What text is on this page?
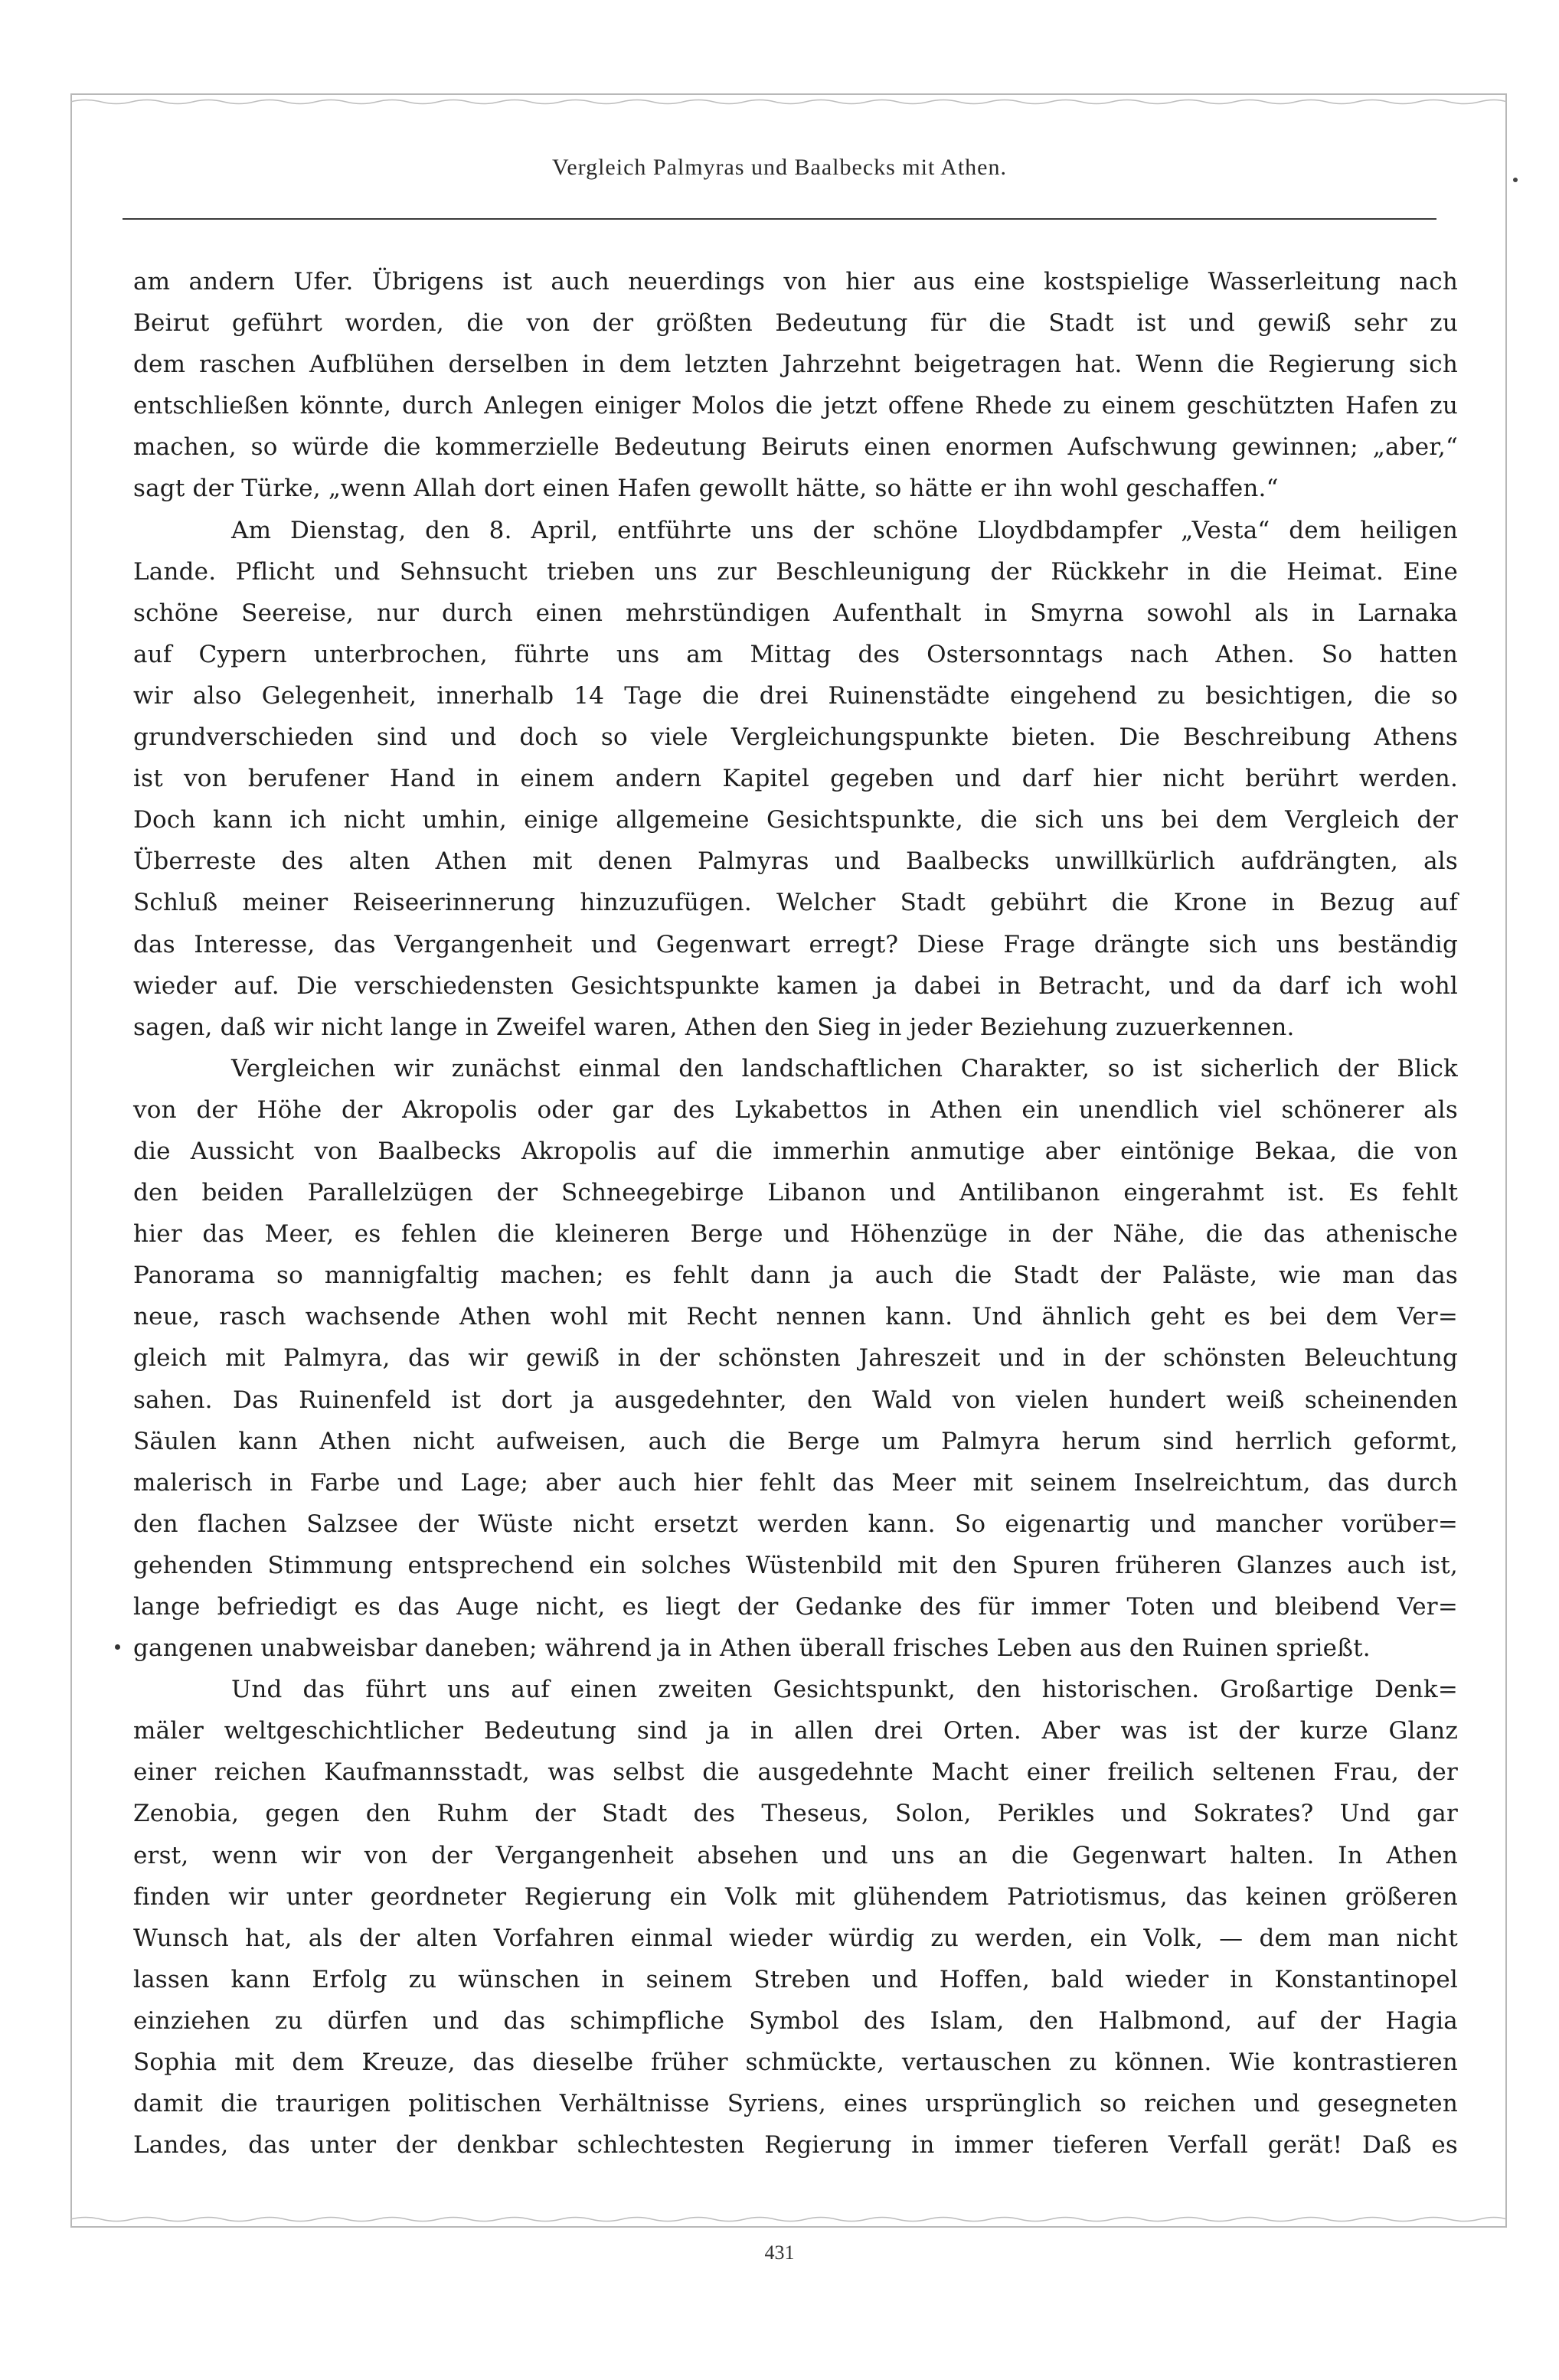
Vergleich Palmyras und Baalbecks mit Athen.
am andern Ufer. Übrigens ist auch neuerdings von hier aus eine kostspielige Wasserleitung nach
Beirut geführt worden, die von der größten Bedeutung für die Stadt ist und gewiß sehr zu
dem raschen Aufblühen derselben in dem letzten Jahrzehnt beigetragen hat. Wenn die Regierung sich
entschließen könnte, durch Anlegen einiger Molos die jetzt offene Rhede zu einem geschützten Hafen zu
machen, so würde die kommerzielle Bedeutung Beiruts einen enormen Aufschwung gewinnen; „aber,“
sagt der Türke, „wenn Allah dort einen Hafen gewollt hätte, so hätte er ihn wohl geschaffen.“
Am Dienstag, den 8. April, entführte uns der schöne Lloydbdampfer „Vesta“ dem heiligen
Lande. Pflicht und Sehnsucht trieben uns zur Beschleunigung der Rückkehr in die Heimat. Eine
schöne Seereise, nur durch einen mehrstündigen Aufenthalt in Smyrna sowohl als in Larnaka
auf Cypern unterbrochen, führte uns am Mittag des Ostersonntags nach Athen. So hatten
wir also Gelegenheit, innerhalb 14 Tage die drei Ruinenstädte eingehend zu besichtigen, die so
grundverschieden sind und doch so viele Vergleichungspunkte bieten. Die Beschreibung Athens
ist von berufener Hand in einem andern Kapitel gegeben und darf hier nicht berührt werden.
Doch kann ich nicht umhin, einige allgemeine Gesichtspunkte, die sich uns bei dem Vergleich der
Überreste des alten Athen mit denen Palmyras und Baalbecks unwillkürlich aufdrängten, als
Schluß meiner Reiseerinnerung hinzuzufügen. Welcher Stadt gebührt die Krone in Bezug auf
das Interesse, das Vergangenheit und Gegenwart erregt? Diese Frage drängte sich uns beständig
wieder auf. Die verschiedensten Gesichtspunkte kamen ja dabei in Betracht, und da darf ich wohl
sagen, daß wir nicht lange in Zweifel waren, Athen den Sieg in jeder Beziehung zuzuerkennen.
Vergleichen wir zunächst einmal den landschaftlichen Charakter, so ist sicherlich der Blick
von der Höhe der Akropolis oder gar des Lykabettos in Athen ein unendlich viel schönerer als
die Aussicht von Baalbecks Akropolis auf die immerhin anmutige aber eintönige Bekaa, die von
den beiden Parallelzügen der Schneegebirge Libanon und Antilibanon eingerahmt ist. Es fehlt
hier das Meer, es fehlen die kleineren Berge und Höhenzüge in der Nähe, die das athenische
Panorama so mannigfaltig machen; es fehlt dann ja auch die Stadt der Paläste, wie man das
neue, rasch wachsende Athen wohl mit Recht nennen kann. Und ähnlich geht es bei dem Ver=
gleich mit Palmyra, das wir gewiß in der schönsten Jahreszeit und in der schönsten Beleuchtung
sahen. Das Ruinenfeld ist dort ja ausgedehnter, den Wald von vielen hundert weiß scheinenden
Säulen kann Athen nicht aufweisen, auch die Berge um Palmyra herum sind herrlich geformt,
malerisch in Farbe und Lage; aber auch hier fehlt das Meer mit seinem Inselreichtum, das durch
den flachen Salzsee der Wüste nicht ersetzt werden kann. So eigenartig und mancher vorüber=
gehenden Stimmung entsprechend ein solches Wüstenbild mit den Spuren früheren Glanzes auch ist,
lange befriedigt es das Auge nicht, es liegt der Gedanke des für immer Toten und bleibend Ver=
gangenen unabweisbar daneben; während ja in Athen überall frisches Leben aus den Ruinen sprießt.
Und das führt uns auf einen zweiten Gesichtspunkt, den historischen. Großartige Denk=
mäler weltgeschichtlicher Bedeutung sind ja in allen drei Orten. Aber was ist der kurze Glanz
einer reichen Kaufmannsstadt, was selbst die ausgedehnte Macht einer freilich seltenen Frau, der
Zenobia, gegen den Ruhm der Stadt des Theseus, Solon, Perikles und Sokrates? Und gar
erst, wenn wir von der Vergangenheit absehen und uns an die Gegenwart halten. In Athen
finden wir unter geordneter Regierung ein Volk mit glühendem Patriotismus, das keinen größeren
Wunsch hat, als der alten Vorfahren einmal wieder würdig zu werden, ein Volk, — dem man nicht
lassen kann Erfolg zu wünschen in seinem Streben und Hoffen, bald wieder in Konstantinopel
einziehen zu dürfen und das schimpfliche Symbol des Islam, den Halbmond, auf der Hagia
Sophia mit dem Kreuze, das dieselbe früher schmückte, vertauschen zu können. Wie kontrastieren
damit die traurigen politischen Verhältnisse Syriens, eines ursprünglich so reichen und gesegneten
Landes, das unter der denkbar schlechtesten Regierung in immer tieferen Verfall gerät! Daß es
431
